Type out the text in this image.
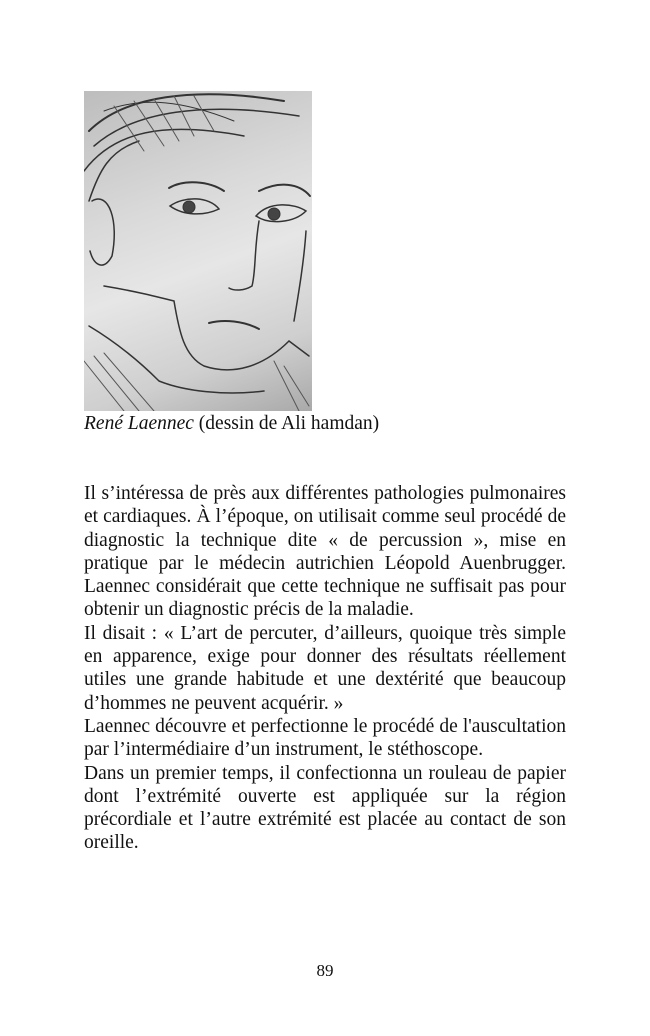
René Laennec (dessin de Ali hamdan)

Il s’intéressa de près aux différentes pathologies pulmonaires et cardiaques. À l’époque, on utilisait comme seul procédé de diagnostic la technique dite « de percussion », mise en pratique par le médecin autrichien Léopold Auenbrugger. Laennec considérait que cette technique ne suffisait pas pour obtenir un diagnostic précis de la maladie.

Il disait : « L’art de percuter, d’ailleurs, quoique très simple en apparence, exige pour donner des résultats réellement utiles une grande habitude et une dextérité que beaucoup d’hommes ne peuvent acquérir. »

Laennec découvre et perfectionne le procédé de l'auscultation par l’intermédiaire d’un instrument, le stéthoscope.

Dans un premier temps, il confectionna un rouleau de papier dont l’extrémité ouverte est appliquée sur la région précordiale et l’autre extrémité est placée au contact de son oreille.

89
